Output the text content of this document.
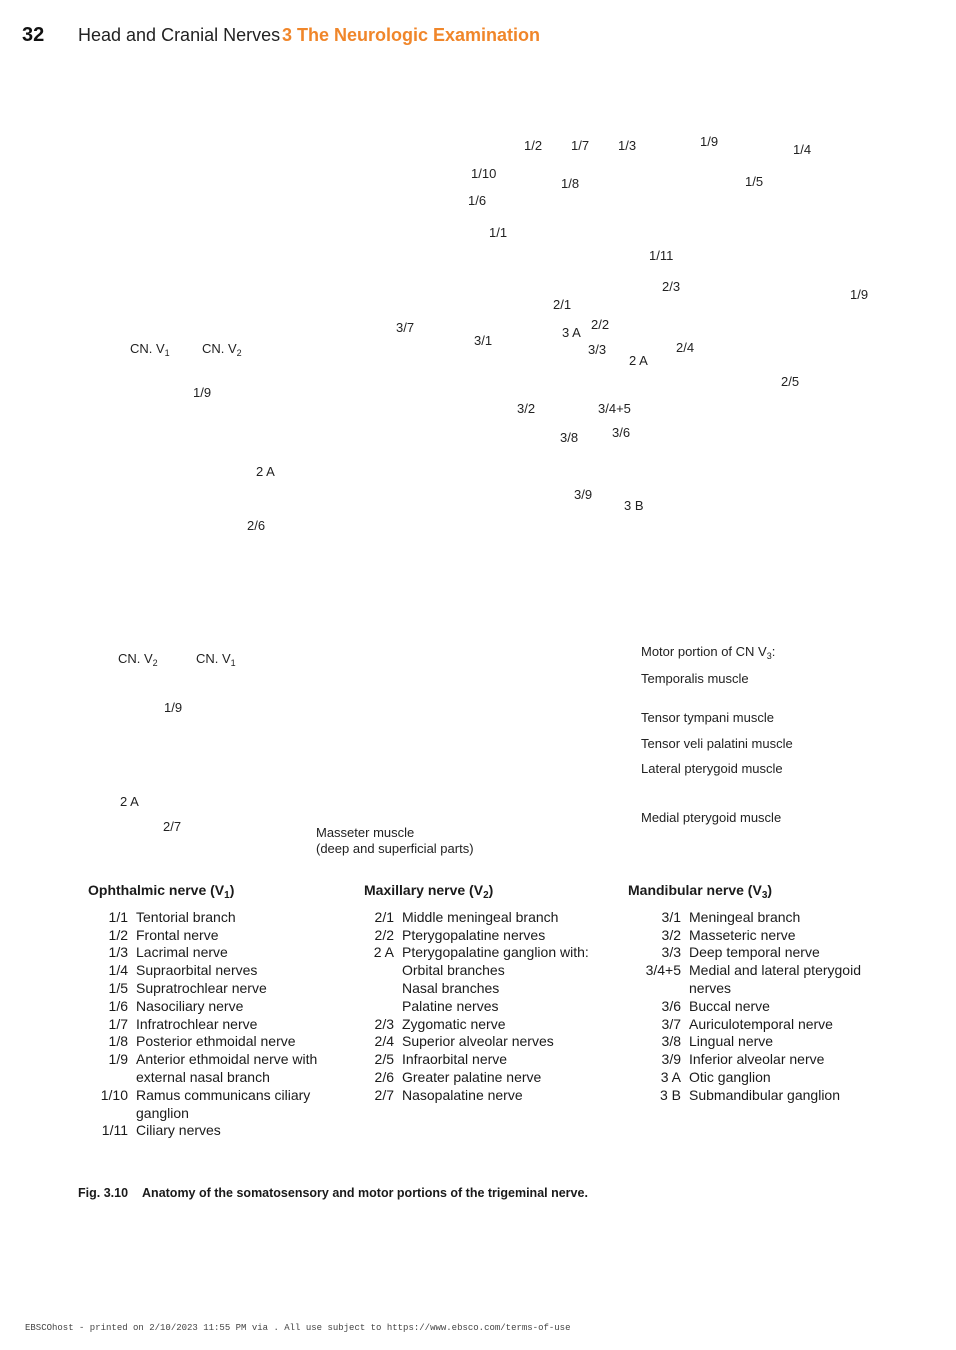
32 Head and Cranial Nerves 3 The Neurologic Examination
1/2 1/7 1/3	1/9
1/4
1/10
1/8	1/5
1/6
1/1
1/11
2/3
1/9
2/1
3/7	3 A
2/2
3/1
3/3
2 A
2/4
2/5
1/9
3/2	3/4+5
3/8	3/6
2 A
3/9
3 B
2/6
CN. $V_1$ CN. $V_2$
CN. $V_2$	CN. $V_1$
1/9
2 A
2/7	Masseter muscle
(deep and superficial parts)
Motor portion of CN $V_3$:
Temporalis muscle
Tensor tympani muscle
Tensor veli palatini muscle
Lateral pterygoid muscle
Medial pterygoid muscle
Ophthalmic nerve $(V_1)$
1/1 Tentorial branch
1/2 Frontal nerve
1/3 Lacrimal nerve
1/4 Supraorbital nerves
1/5 Supratrochlear nerve
1/6 Nasociliary nerve
1/7 Infratrochlear nerve
1/8 Posterior ethmoidal nerve
1/9 Anterior ethmoidal nerve with external nasal branch
1/10 Ramus communicans ciliary ganglion
1/11 Ciliary nerves
Maxillary nerve $(V_2)$
2/1 Middle meningeal branch
2/2 Pterygopalatine nerves
2 A Pterygopalatine ganglion with:
Orbital branches
Nasal branches
Palatine nerves
2/3 Zygomatic nerve
2/4 Superior alveolar nerves
2/5 Infraorbital nerve
2/6 Greater palatine nerve
2/7 Nasopalatine nerve
Mandibular nerve $(V_3)$
3/1 Meningeal branch
3/2 Masseteric nerve
3/3 Deep temporal nerve
3/4+5 Medial and lateral pterygoid nerves
3/6 Buccal nerve
3/7 Auriculotemporal nerve
3/8 Lingual nerve
3/9 Inferior alveolar nerve
3 A Otic ganglion
3 B Submandibular ganglion
Fig. 3.10 Anatomy of the somatosensory and motor portions of the trigeminal nerve.
EBSCOhost - printed on 2/10/2023 11:55 PM via . All use subject to https://www.ebsco.com/terms-of-use
